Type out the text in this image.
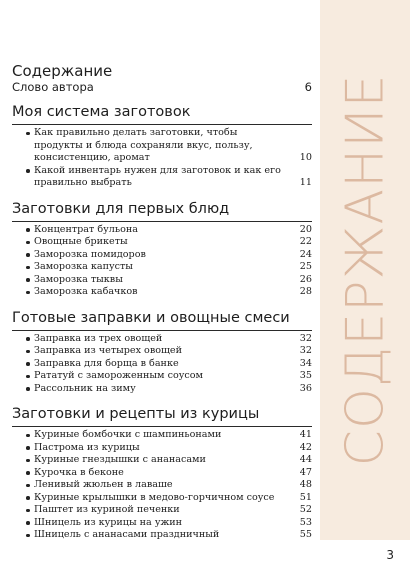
СОДЕРЖАНИЕ
Содержание
Слово автора	6
Моя система заготовок
Как правильно делать заготовки, чтобы продукты и блюда сохраняли вкус, пользу, консистенцию, аромат	10
Какой инвентарь нужен для заготовок и как его правильно выбрать	11
Заготовки для первых блюд
Концентрат бульона	20
Овощные брикеты	22
Заморозка помидоров	24
Заморозка капусты	25
Заморозка тыквы	26
Заморозка кабачков	28
Готовые заправки и овощные смеси
Заправка из трех овощей	32
Заправка из четырех овощей	32
Заправка для борща в банке	34
Рататуй с замороженным соусом	35
Рассольник на зиму	36
Заготовки и рецепты из курицы
Куриные бомбочки с шампиньонами	41
Пастрома из курицы	42
Куриные гнездышки с ананасами	44
Курочка в беконе	47
Ленивый жюльен в лаваше	48
Куриные крылышки в медово-горчичном соусе	51
Паштет из куриной печенки	52
Шницель из курицы на ужин	53
Шницель с ананасами праздничный	55
3
